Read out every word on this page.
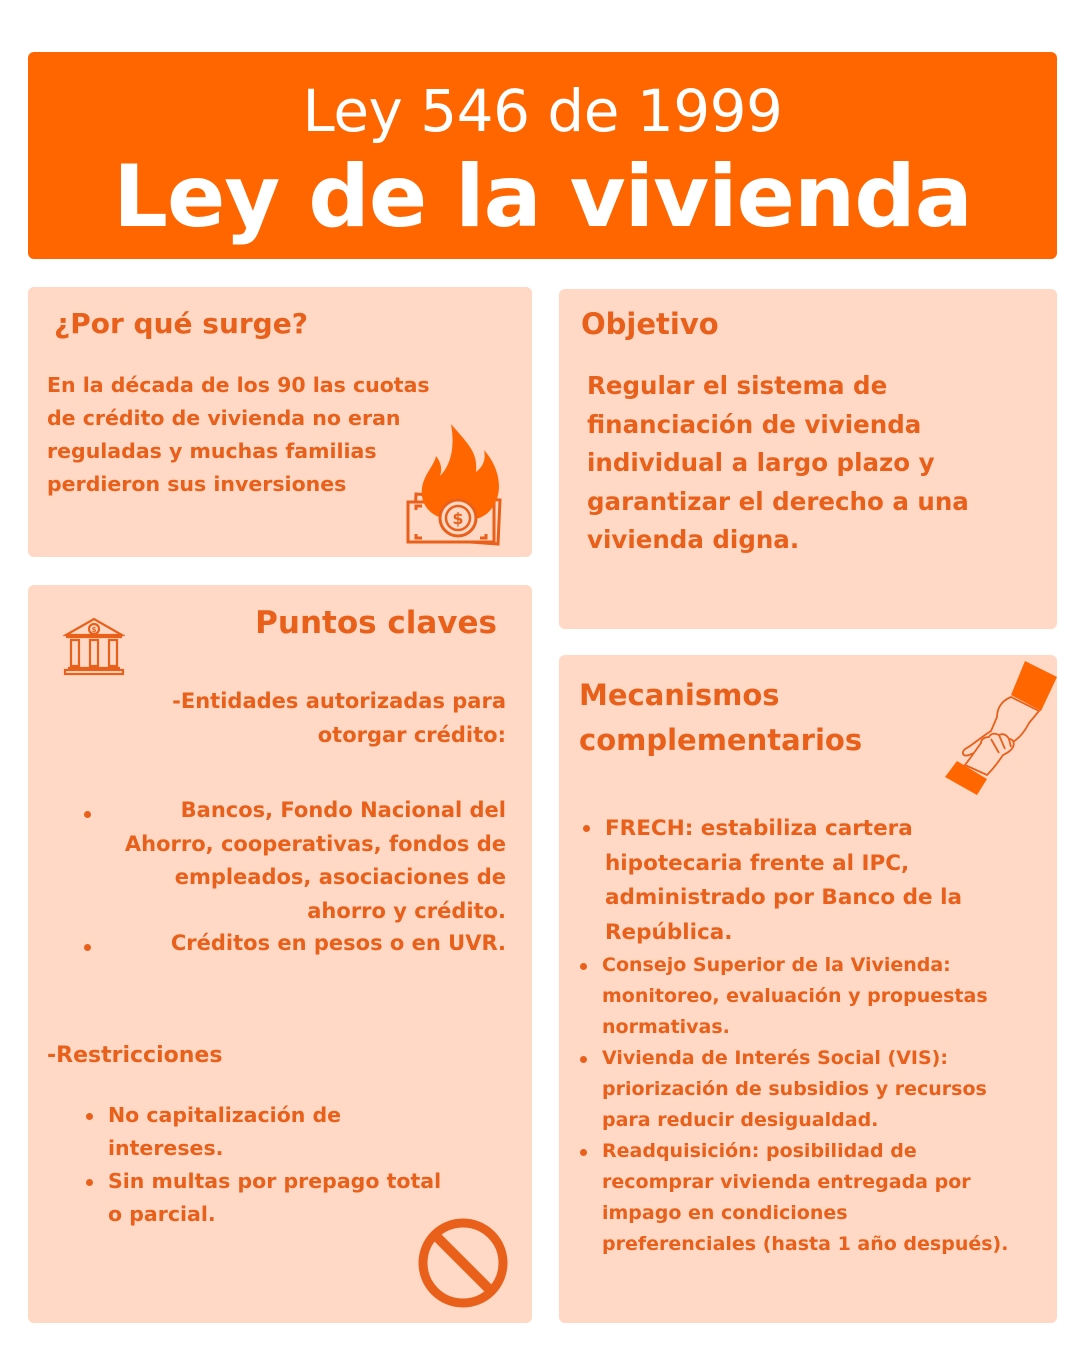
Ley 546 de 1999
Ley de la vivienda
¿Por qué surge?
En la década de los 90 las cuotas
de crédito de vivienda no eran
reguladas y muchas familias
perdieron sus inversiones
$
Objetivo
Regular el sistema de
financiación de vivienda
individual a largo plazo y
garantizar el derecho a una
vivienda digna.
$	Puntos claves
-Entidades autorizadas para
otorgar crédito:
Bancos, Fondo Nacional del
Ahorro, cooperativas, fondos de
empleados, asociaciones de
ahorro y crédito.
Créditos en pesos o en UVR.
-Restricciones
No capitalización de
intereses.
Sin multas por prepago total
o parcial.
Mecanismos
complementarios
FRECH: estabiliza cartera
hipotecaria frente al IPC,
administrado por Banco de la
República.
Consejo Superior de la Vivienda:
monitoreo, evaluación y propuestas
normativas.
Vivienda de Interés Social (VIS):
priorización de subsidios y recursos
para reducir desigualdad.
Readquisición: posibilidad de
recomprar vivienda entregada por
impago en condiciones
preferenciales (hasta 1 año después).
